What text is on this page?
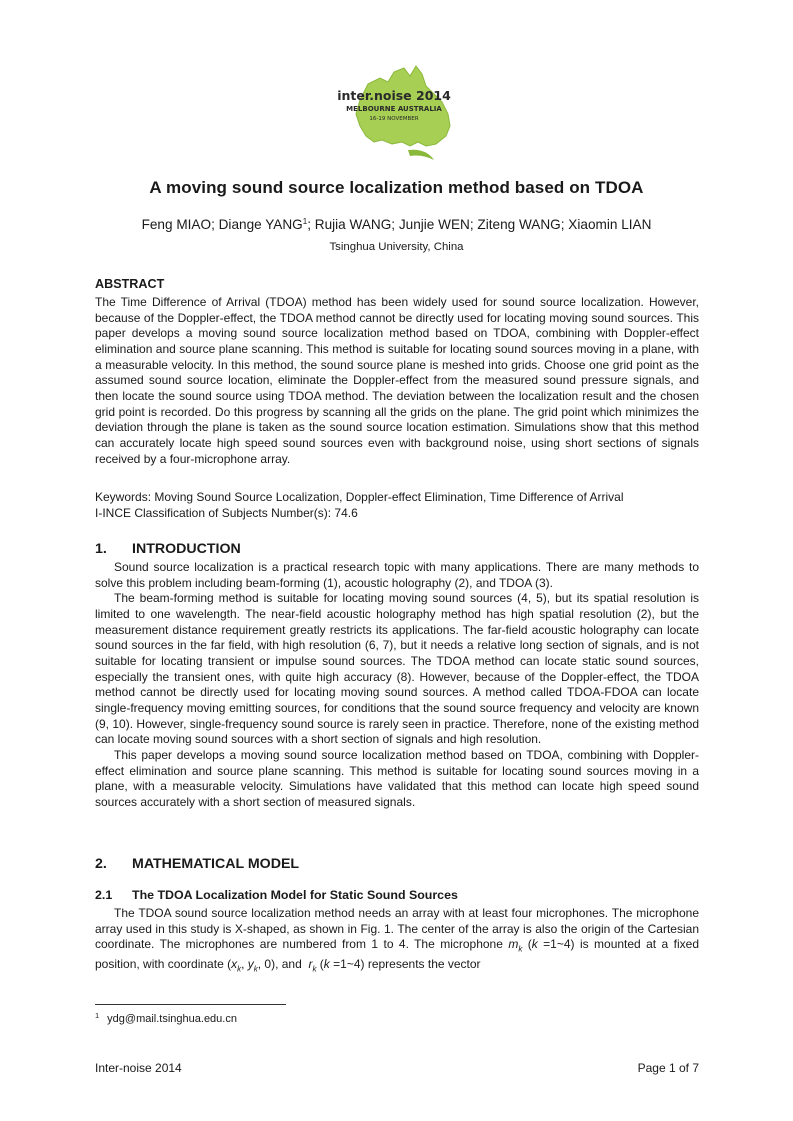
inter.noise 2014
MELBOURNE AUSTRALIA
16-19 NOVEMBER
A moving sound source localization method based on TDOA
Feng MIAO; Diange YANG$^1$; Rujia WANG; Junjie WEN; Ziteng WANG; Xiaomin LIAN
Tsinghua University, China
ABSTRACT

The Time Difference of Arrival (TDOA) method has been widely used for sound source localization. However, because of the Doppler-effect, the TDOA method cannot be directly used for locating moving sound sources. This paper develops a moving sound source localization method based on TDOA, combining with Doppler-effect elimination and source plane scanning. This method is suitable for locating sound sources moving in a plane, with a measurable velocity. In this method, the sound source plane is meshed into grids. Choose one grid point as the assumed sound source location, eliminate the Doppler-effect from the measured sound pressure signals, and then locate the sound source using TDOA method. The deviation between the localization result and the chosen grid point is recorded. Do this progress by scanning all the grids on the plane. The grid point which minimizes the deviation through the plane is taken as the sound source location estimation. Simulations show that this method can accurately locate high speed sound sources even with background noise, using short sections of signals received by a four-microphone array.

Keywords: Moving Sound Source Localization, Doppler-effect Elimination, Time Difference of Arrival
I-INCE Classification of Subjects Number(s): 74.6
1. INTRODUCTION

Sound source localization is a practical research topic with many applications. There are many methods to solve this problem including beam-forming (1), acoustic holography (2), and TDOA (3).

The beam-forming method is suitable for locating moving sound sources (4, 5), but its spatial resolution is limited to one wavelength. The near-field acoustic holography method has high spatial resolution (2), but the measurement distance requirement greatly restricts its applications. The far-field acoustic holography can locate sound sources in the far field, with high resolution (6, 7), but it needs a relative long section of signals, and is not suitable for locating transient or impulse sound sources. The TDOA method can locate static sound sources, especially the transient ones, with quite high accuracy (8). However, because of the Doppler-effect, the TDOA method cannot be directly used for locating moving sound sources. A method called TDOA-FDOA can locate single-frequency moving emitting sources, for conditions that the sound source frequency and velocity are known (9, 10). However, single-frequency sound source is rarely seen in practice. Therefore, none of the existing method can locate moving sound sources with a short section of signals and high resolution.

This paper develops a moving sound source localization method based on TDOA, combining with Doppler-effect elimination and source plane scanning. This method is suitable for locating sound sources moving in a plane, with a measurable velocity. Simulations have validated that this method can locate high speed sound sources accurately with a short section of measured signals.

2. MATHEMATICAL MODEL
2.1 The TDOA Localization Model for Static Sound Sources

The TDOA sound source localization method needs an array with at least four microphones. The microphone array used in this study is X-shaped, as shown in Fig. 1. The center of the array is also the origin of the Cartesian coordinate. The microphones are numbered from 1 to 4. The microphone $m_k$ (k =1~4) is mounted at a fixed position, with coordinate ($x_k$, $y_k$, 0), and $r_k$ (k =1~4) represents the vector

$^1$ ydg@mail.tsinghua.edu.cn
Inter-noise 2014	Page 1 of 7
